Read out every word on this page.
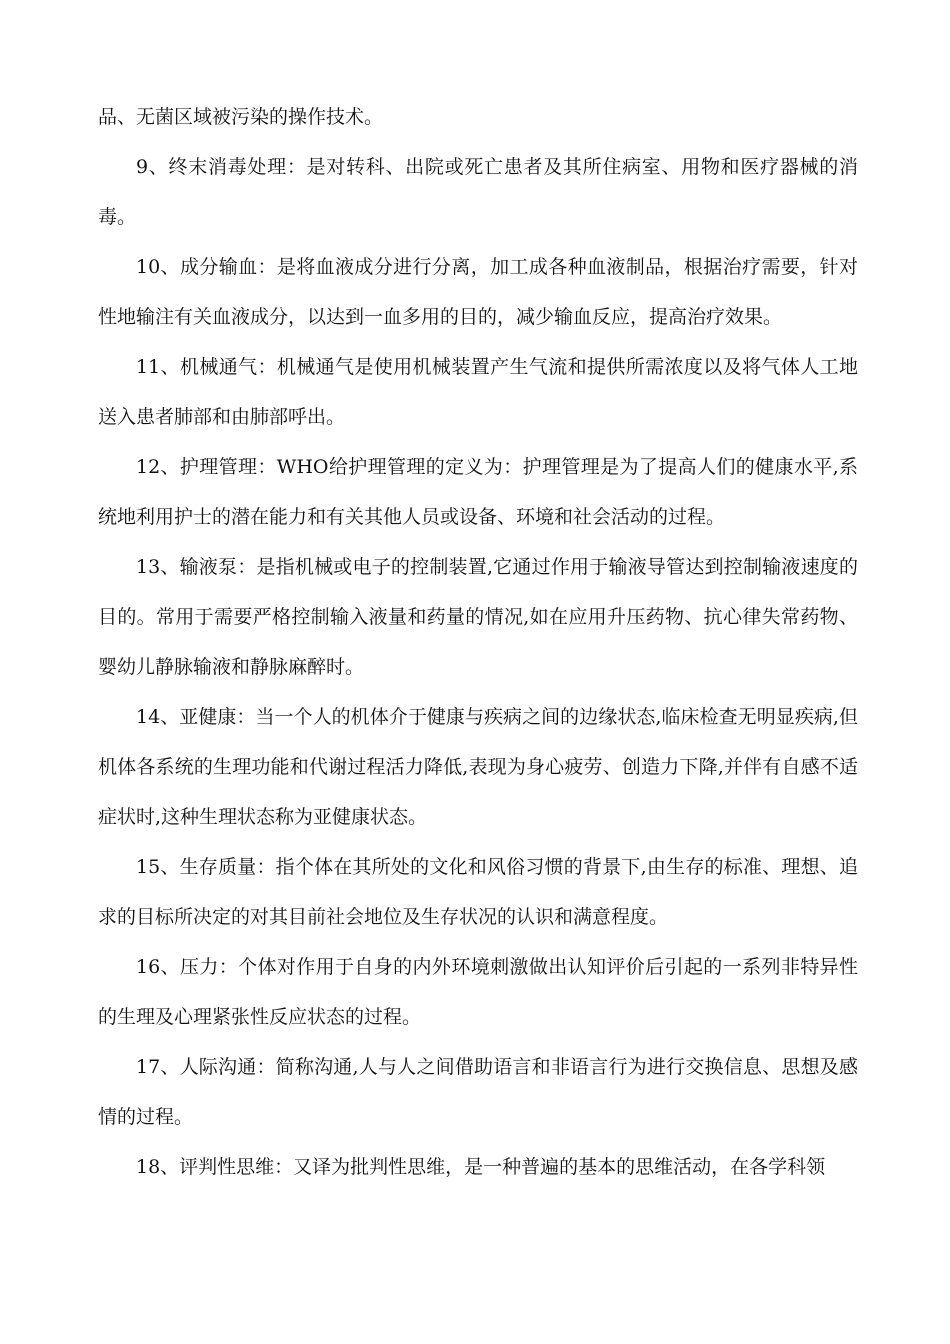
品、无菌区域被污染的操作技术。

9、终末消毒处理：是对转科、出院或死亡患者及其所住病室、用物和医疗器械的消毒。

10、成分输血：是将血液成分进行分离，加工成各种血液制品，根据治疗需要，针对性地输注有关血液成分，以达到一血多用的目的，减少输血反应，提高治疗效果。

11、机械通气：机械通气是使用机械装置产生气流和提供所需浓度以及将气体人工地送入患者肺部和由肺部呼出。

12、护理管理：WHO给护理管理的定义为：护理管理是为了提高人们的健康水平,系统地利用护士的潜在能力和有关其他人员或设备、环境和社会活动的过程。

13、输液泵：是指机械或电子的控制装置,它通过作用于输液导管达到控制输液速度的目的。常用于需要严格控制输入液量和药量的情况,如在应用升压药物、抗心律失常药物、婴幼儿静脉输液和静脉麻醉时。

14、亚健康：当一个人的机体介于健康与疾病之间的边缘状态,临床检查无明显疾病,但机体各系统的生理功能和代谢过程活力降低,表现为身心疲劳、创造力下降,并伴有自感不适症状时,这种生理状态称为亚健康状态。

15、生存质量：指个体在其所处的文化和风俗习惯的背景下,由生存的标准、理想、追求的目标所决定的对其目前社会地位及生存状况的认识和满意程度。

16、压力：个体对作用于自身的内外环境刺激做出认知评价后引起的一系列非特异性的生理及心理紧张性反应状态的过程。

17、人际沟通：简称沟通,人与人之间借助语言和非语言行为进行交换信息、思想及感情的过程。

18、评判性思维：又译为批判性思维，是一种普遍的基本的思维活动，在各学科领
